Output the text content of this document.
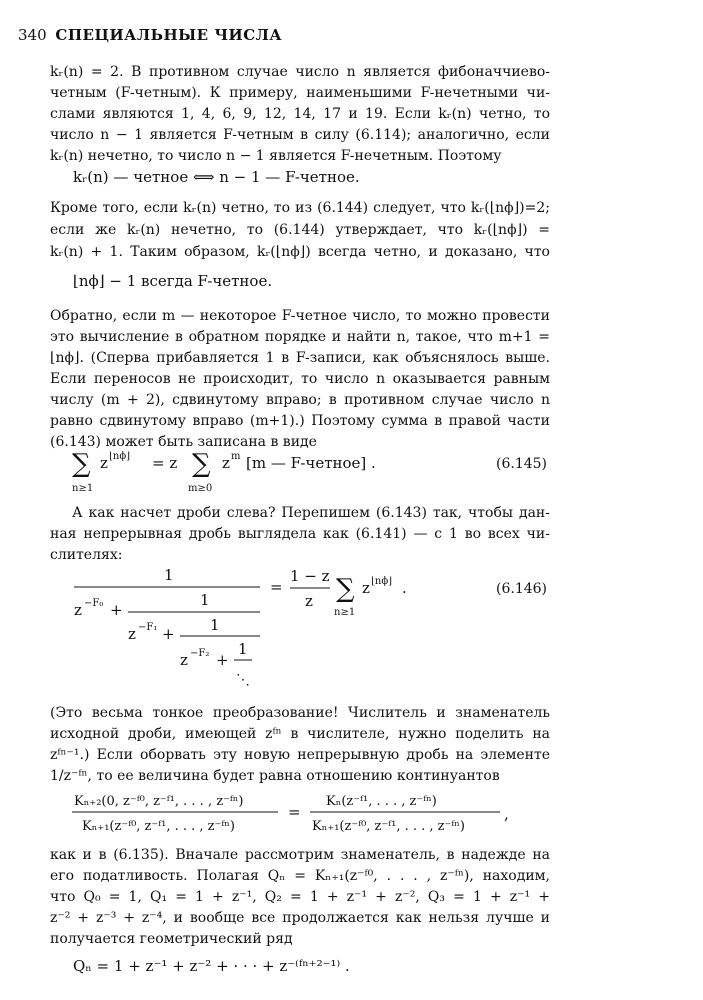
340 СПЕЦИАЛЬНЫЕ ЧИСЛА
kᵣ(n) = 2. В противном случае число n является фибоначчиево-
четным (F-четным). К примеру, наименьшими F-нечетными чи-
слами являются 1, 4, 6, 9, 12, 14, 17 и 19. Если kᵣ(n) четно, то
число n − 1 является F-четным в силу (6.114); аналогично, если
kᵣ(n) нечетно, то число n − 1 является F-нечетным. Поэтому
kᵣ(n) — четное ⟺ n − 1 — F-четное.
Кроме того, если kᵣ(n) четно, то из (6.144) следует, что kᵣ(⌊nϕ⌋)=2;
если же kᵣ(n) нечетно, то (6.144) утверждает, что kᵣ(⌊nϕ⌋) =
kᵣ(n) + 1. Таким образом, kᵣ(⌊nϕ⌋) всегда четно, и доказано, что
⌊nϕ⌋ − 1 всегда F-четное.
Обратно, если m — некоторое F-четное число, то можно провести
это вычисление в обратном порядке и найти n, такое, что m+1 =
⌊nϕ⌋. (Сперва прибавляется 1 в F-записи, как объяснялось выше.
Если переносов не происходит, то число n оказывается равным
числу (m + 2), сдвинутому вправо; в противном случае число n
равно сдвинутому вправо (m+1).) Поэтому сумма в правой части
(6.143) может быть записана в виде
∑
n≥1
z ⌊nϕ⌋ = z ∑
m≥0
z m [m — F-четное] .	(6.145)
А как насчет дроби слева? Перепишем (6.143) так, чтобы дан-
ная непрерывная дробь выглядела как (6.141) — с 1 во всех чи-
слителях:
1
z −F₀ +
1
z −F₁ + 1
z −F₂ +
1
⋱
=
1 − z
z ∑
n≥1
z ⌊nϕ⌋ .	(6.146)
(Это весьма тонкое преобразование! Числитель и знаменатель
исходной дроби, имеющей zᶠⁿ в числителе, нужно поделить на
zᶠⁿ⁻¹.) Если оборвать эту новую непрерывную дробь на элементе
1/z⁻ᶠⁿ, то ее величина будет равна отношению континуантов
Kₙ₊₂(0, z⁻ᶠ⁰, z⁻ᶠ¹, . . . , z⁻ᶠⁿ)
Kₙ₊₁(z⁻ᶠ⁰, z⁻ᶠ¹, . . . , z⁻ᶠⁿ)
=
Kₙ(z⁻ᶠ¹, . . . , z⁻ᶠⁿ)
Kₙ₊₁(z⁻ᶠ⁰, z⁻ᶠ¹, . . . , z⁻ᶠⁿ)
,
как и в (6.135). Вначале рассмотрим знаменатель, в надежде на
его податливость. Полагая Qₙ = Kₙ₊₁(z⁻ᶠ⁰, . . . , z⁻ᶠⁿ), находим,
что Q₀ = 1, Q₁ = 1 + z⁻¹, Q₂ = 1 + z⁻¹ + z⁻², Q₃ = 1 + z⁻¹ +
z⁻² + z⁻³ + z⁻⁴, и вообще все продолжается как нельзя лучше и
получается геометрический ряд
Qₙ = 1 + z⁻¹ + z⁻² + · · · + z⁻⁽ᶠⁿ⁺²⁻¹⁾ .
